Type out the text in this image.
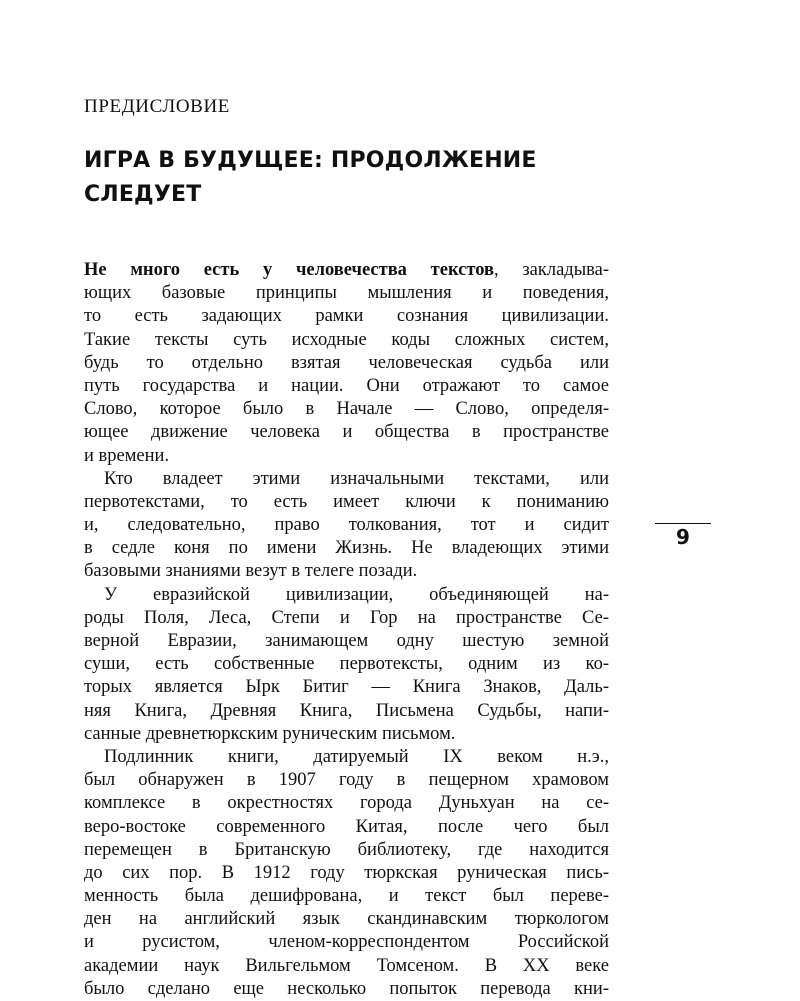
ПРЕДИСЛОВИЕ
ИГРА В БУДУЩЕЕ: ПРОДОЛЖЕНИЕ
СЛЕДУЕТ
Не много есть у человечества текстов, закладыва-
ющих базовые принципы мышления и поведения,
то есть задающих рамки сознания цивилизации.
Такие тексты суть исходные коды сложных систем,
будь то отдельно взятая человеческая судьба или
путь государства и нации. Они отражают то самое
Слово, которое было в Начале — Слово, определя-
ющее движение человека и общества в пространстве
и времени.
Кто владеет этими изначальными текстами, или
первотекстами, то есть имеет ключи к пониманию
и, следовательно, право толкования, тот и сидит
в седле коня по имени Жизнь. Не владеющих этими
базовыми знаниями везут в телеге позади.
У евразийской цивилизации, объединяющей на-
роды Поля, Леса, Степи и Гор на пространстве Се-
верной Евразии, занимающем одну шестую земной
суши, есть собственные первотексты, одним из ко-
торых является Ырк Битиг — Книга Знаков, Даль-
няя Книга, Древняя Книга, Письмена Судьбы, напи-
санные древнетюркским руническим письмом.
Подлинник книги, датируемый IX веком н.э.,
был обнаружен в 1907 году в пещерном храмовом
комплексе в окрестностях города Дуньхуан на се-
веро-востоке современного Китая, после чего был
перемещен в Британскую библиотеку, где находится
до сих пор. В 1912 году тюркская руническая пись-
менность была дешифрована, и текст был переве-
ден на английский язык скандинавским тюркологом
и русистом, членом-корреспондентом Российской
академии наук Вильгельмом Томсеном. В XX веке
было сделано еще несколько попыток перевода кни-
9
